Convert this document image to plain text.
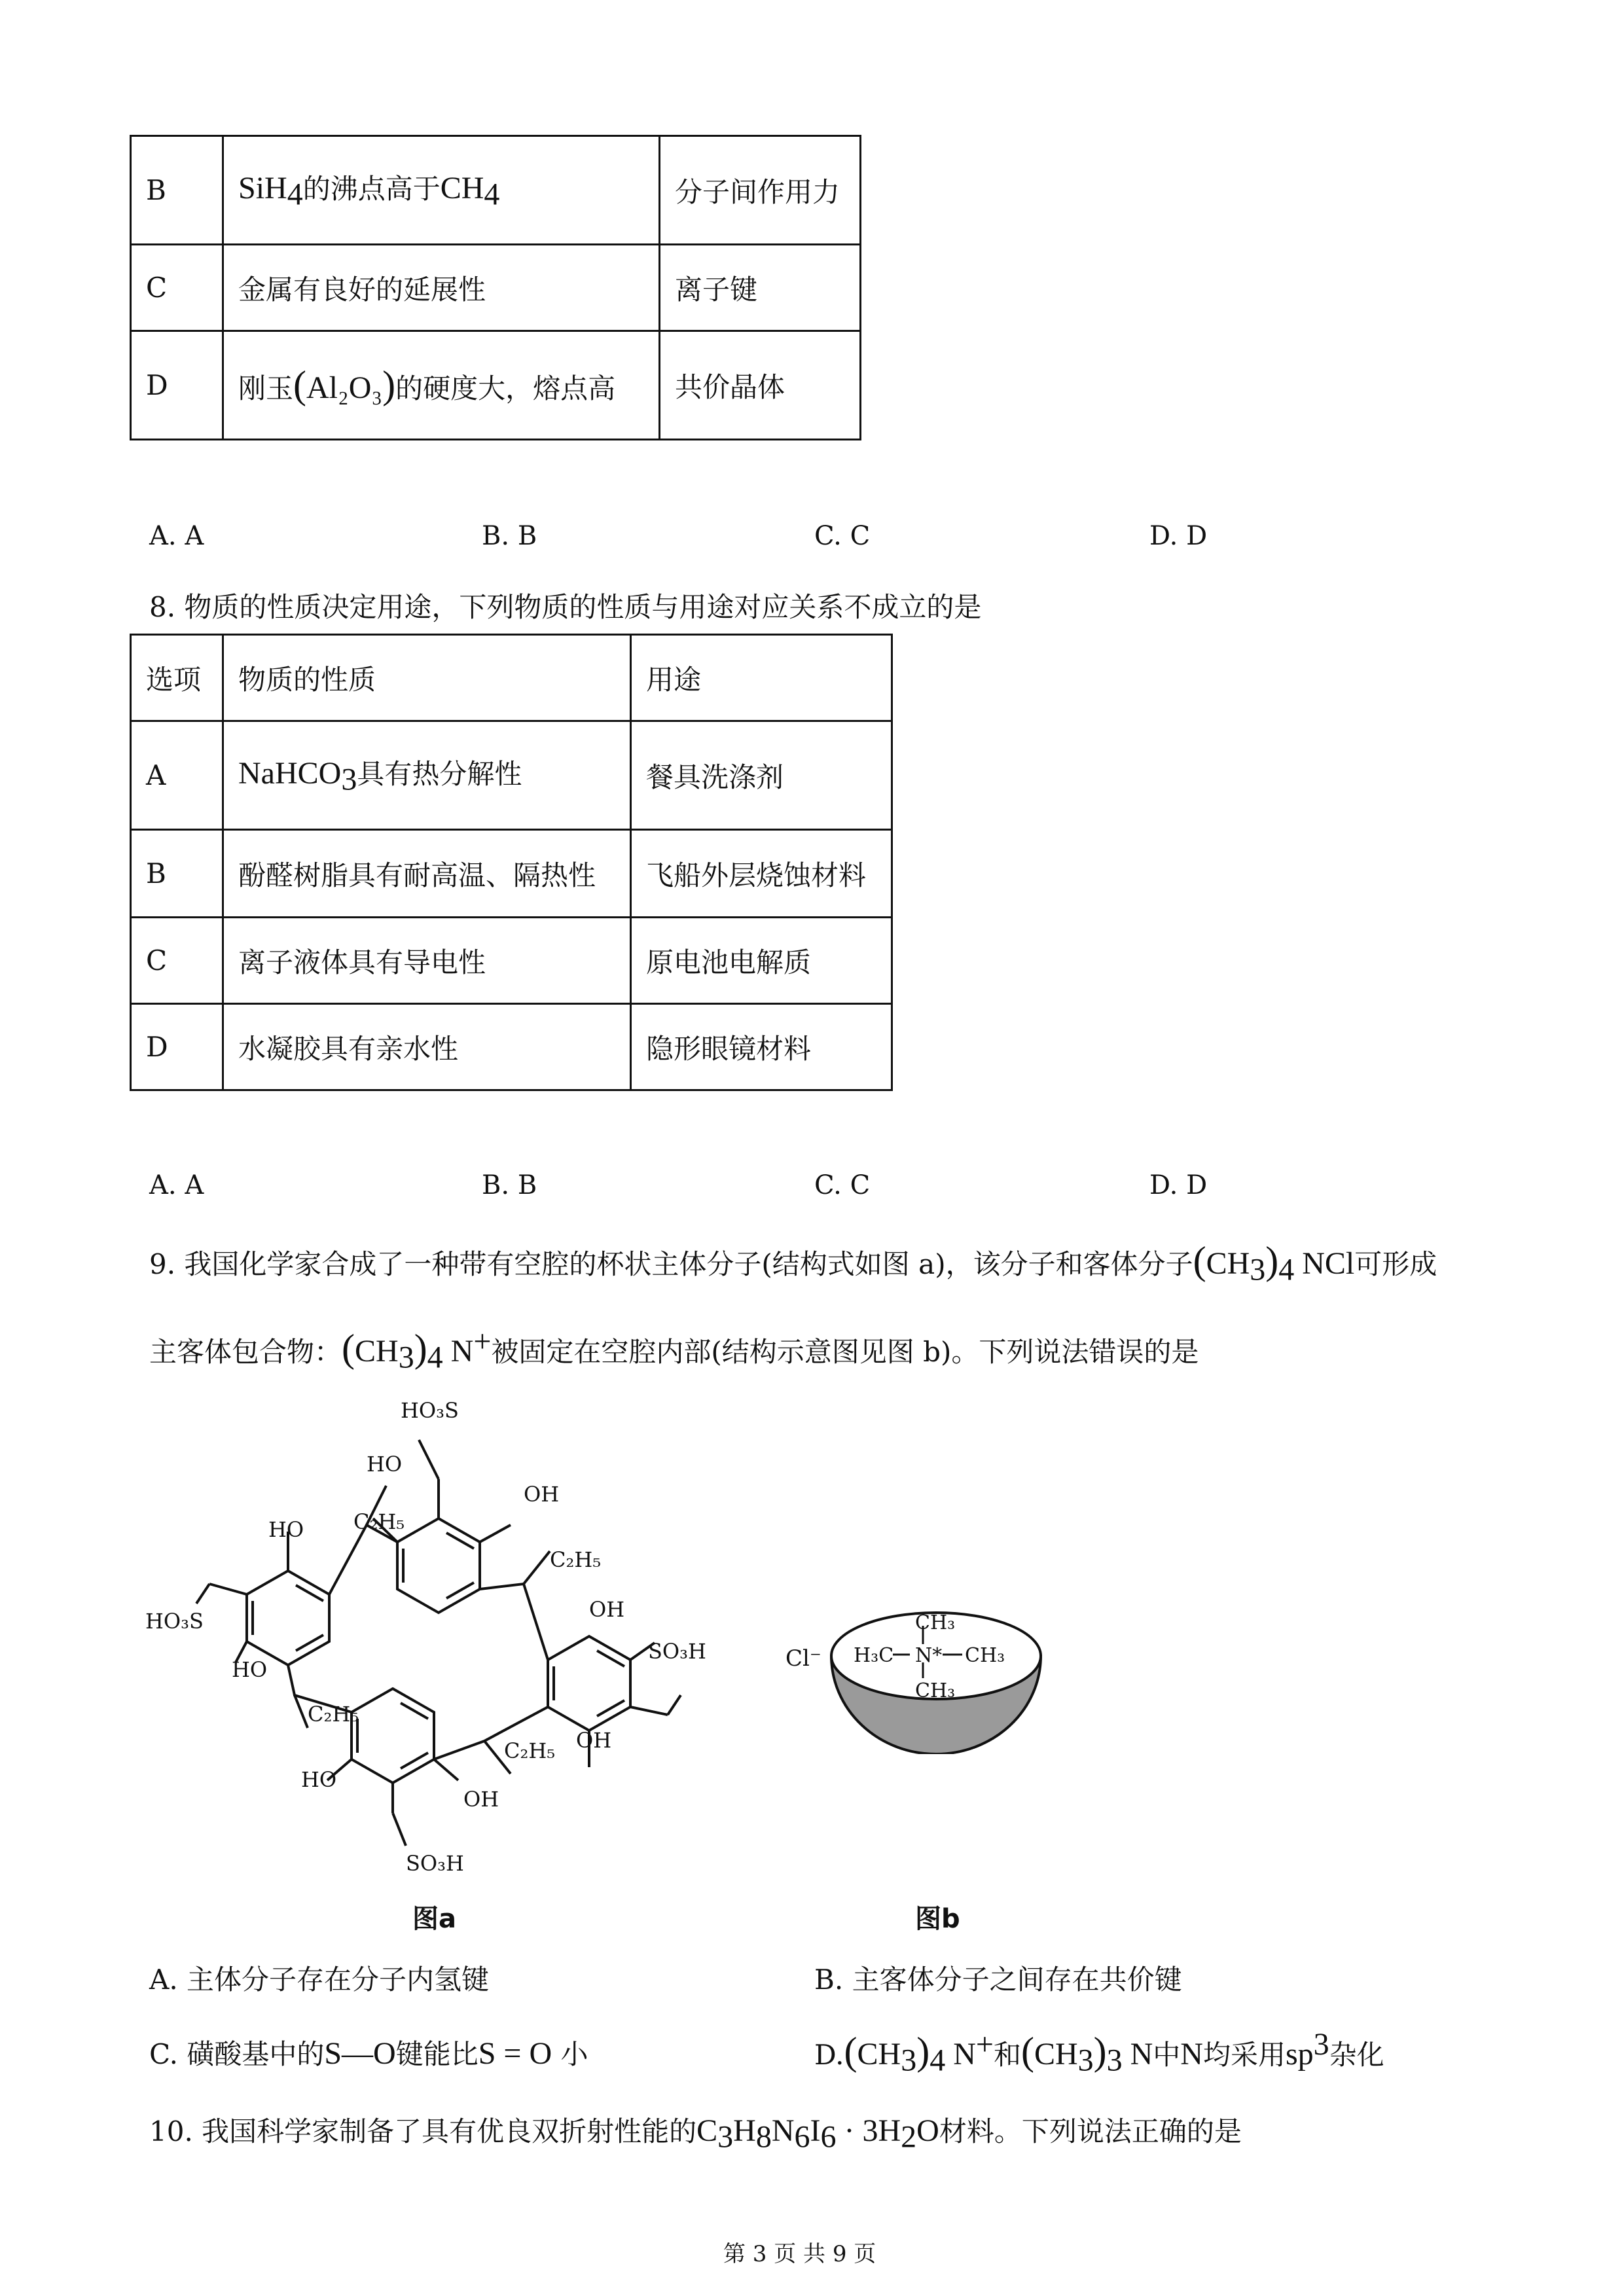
B	SiH$_4$的沸点高于$CH_4$	分子间作用力
C	金属有良好的延展性	离子键
D	刚玉(Al₂O₃)的硬度大，熔点高	共价晶体
A. A	B. B	C. C	D. D
8. 物质的性质决定用途，下列物质的性质与用途对应关系不成立的是
选项	物质的性质	用途
A	NaHCO$_3$具有热分解性	餐具洗涤剂
B	酚醛树脂具有耐高温、隔热性	飞船外层烧蚀材料
C	离子液体具有导电性	原电池电解质
D	水凝胶具有亲水性	隐形眼镜材料
A. A	B. B	C. C	D. D
9. 我国化学家合成了一种带有空腔的杯状主体分子(结构式如图 a)，该分子和客体分子$(CH_3)_4$ NCl可形成
主客体包合物：$(CH_3)_4$ N+被固定在空腔内部(结构示意图见图 b)。下列说法错误的是
HO₃S
HO
OH
C₂H₅
HO
C₂H₅
HO₃S	OH
HO
SO₃H
C₂H₅
OH
C₂H₅
HO
OH
SO₃H
图a
Cl⁻
CH₃
H₃C N* CH₃
CH₃
图b
A. 主体分子存在分子内氢键	B. 主客体分子之间存在共价键
C. 磺酸基中的S—O键能比S = O 小	$D.(CH_3)_4$ N+和$(CH_3)_3$ N中N均采用$sp^3$杂化
10. 我国科学家制备了具有优良双折射性能的$C_3H_8N_6I_6 \cdot 3H_2O$材料。下列说法正确的是
第 3 页 共 9 页
